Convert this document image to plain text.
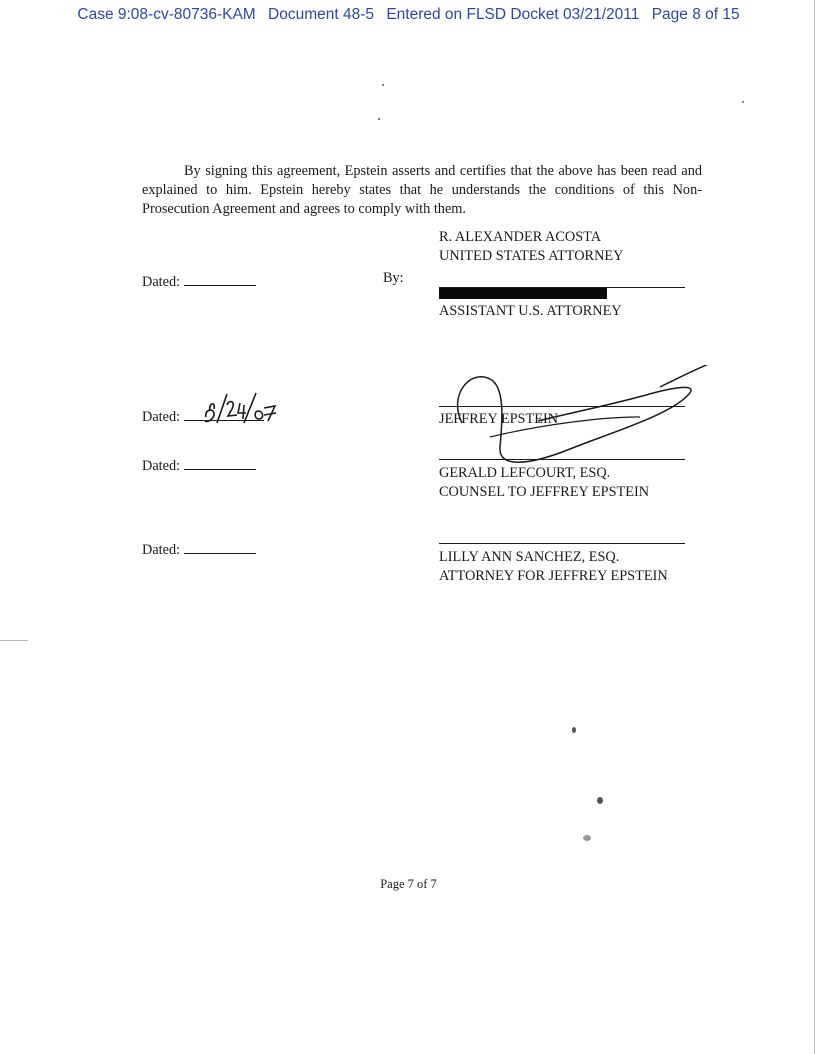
Case 9:08-cv-80736-KAM Document 48-5 Entered on FLSD Docket 03/21/2011 Page 8 of 15
By signing this agreement, Epstein asserts and certifies that the above has been read and explained to him. Epstein hereby states that he understands the conditions of this Non-Prosecution Agreement and agrees to comply with them.
R. ALEXANDER ACOSTA
UNITED STATES ATTORNEY
Dated:	By:
ASSISTANT U.S. ATTORNEY
Dated:	JEFFREY EPSTEIN
Dated:	GERALD LEFCOURT, ESQ.
COUNSEL TO JEFFREY EPSTEIN
Dated:	LILLY ANN SANCHEZ, ESQ.
ATTORNEY FOR JEFFREY EPSTEIN
Page 7 of 7
